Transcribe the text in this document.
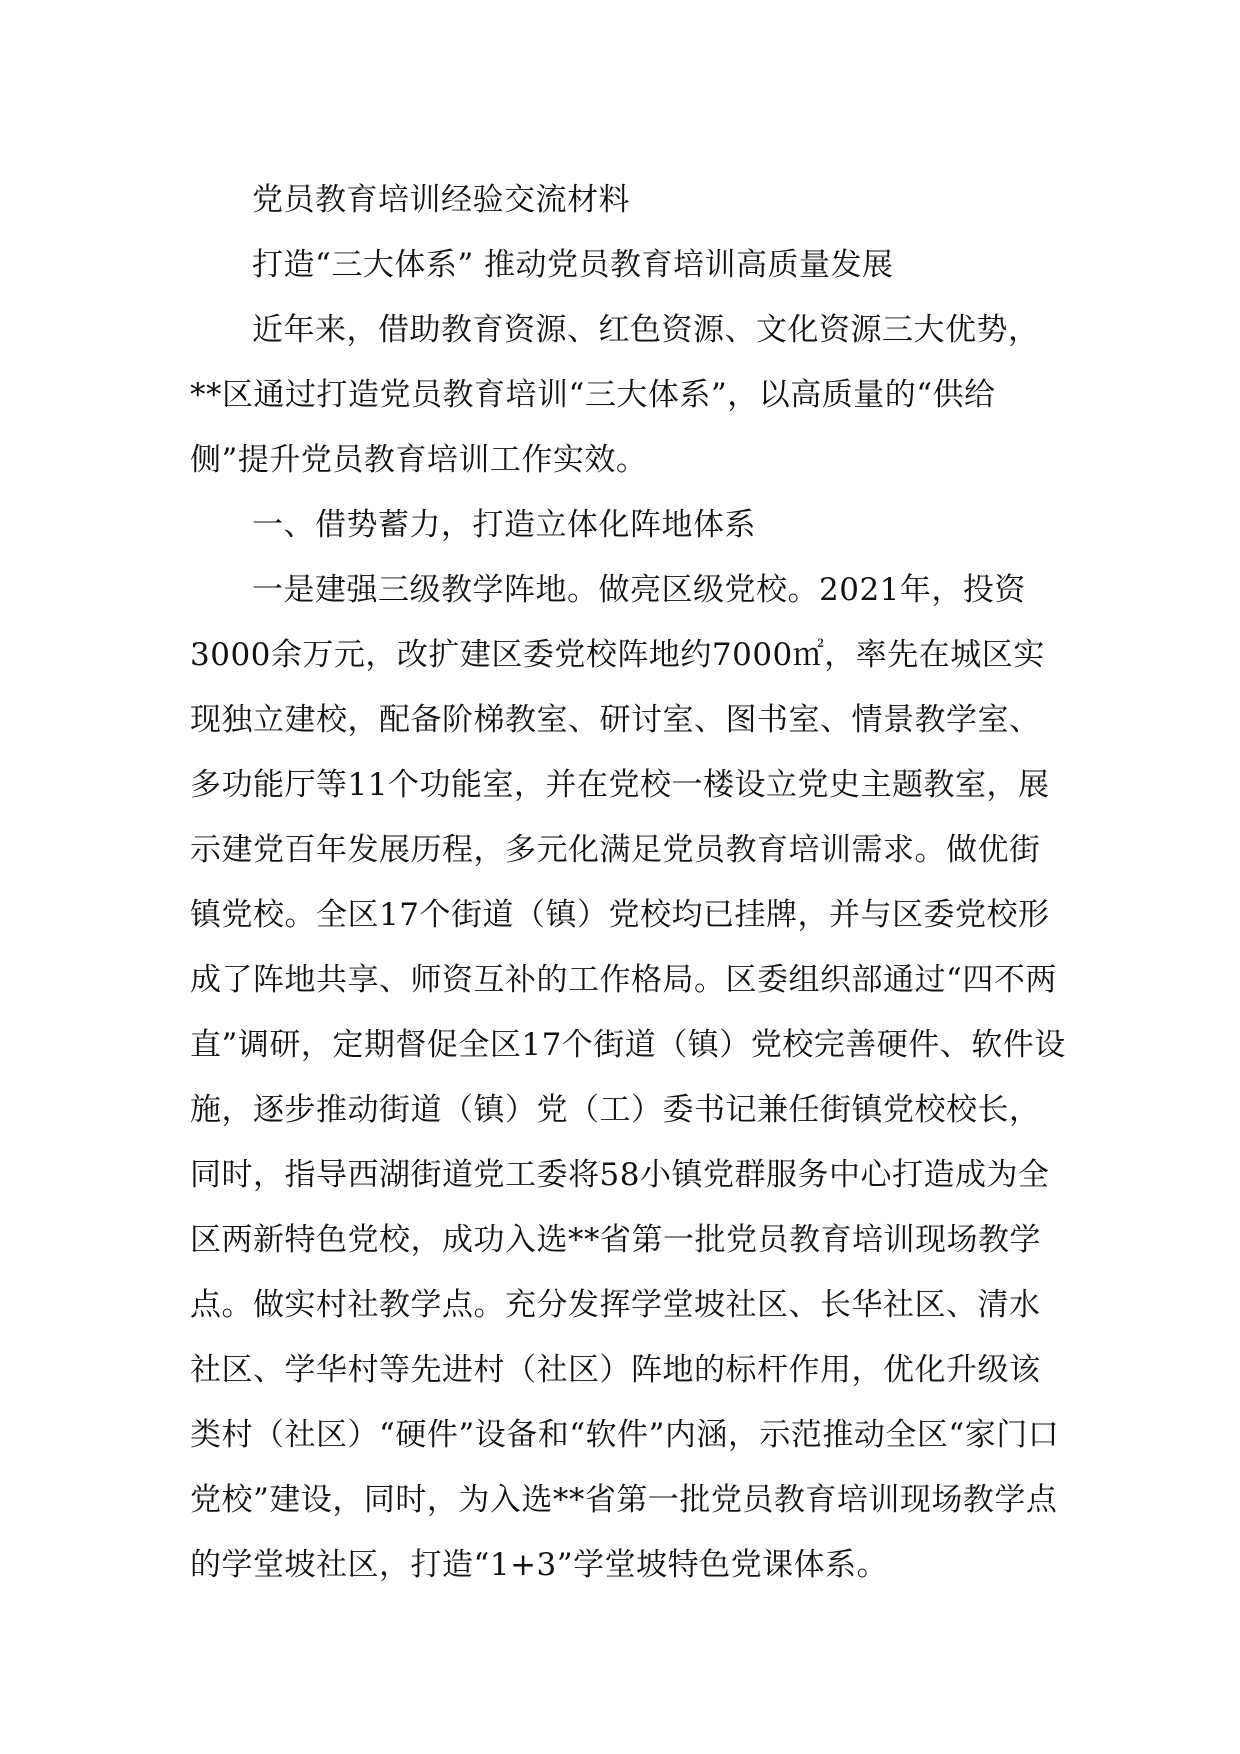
党员教育培训经验交流材料

打造“三大体系” 推动党员教育培训高质量发展

近年来，借助教育资源、红色资源、文化资源三大优势，**区通过打造党员教育培训“三大体系”，以高质量的“供给侧”提升党员教育培训工作实效。

一、借势蓄力，打造立体化阵地体系

一是建强三级教学阵地。做亮区级党校。2021年，投资3000余万元，改扩建区委党校阵地约7000㎡，率先在城区实现独立建校，配备阶梯教室、研讨室、图书室、情景教学室、多功能厅等11个功能室，并在党校一楼设立党史主题教室，展示建党百年发展历程，多元化满足党员教育培训需求。做优街镇党校。全区17个街道（镇）党校均已挂牌，并与区委党校形成了阵地共享、师资互补的工作格局。区委组织部通过“四不两直”调研，定期督促全区17个街道（镇）党校完善硬件、软件设施，逐步推动街道（镇）党（工）委书记兼任街镇党校校长，同时，指导西湖街道党工委将58小镇党群服务中心打造成为全区两新特色党校，成功入选**省第一批党员教育培训现场教学点。做实村社教学点。充分发挥学堂坡社区、长华社区、清水社区、学华村等先进村（社区）阵地的标杆作用，优化升级该类村（社区）“硬件”设备和“软件”内涵，示范推动全区“家门口党校”建设，同时，为入选**省第一批党员教育培训现场教学点的学堂坡社区，打造“1+3”学堂坡特色党课体系。
